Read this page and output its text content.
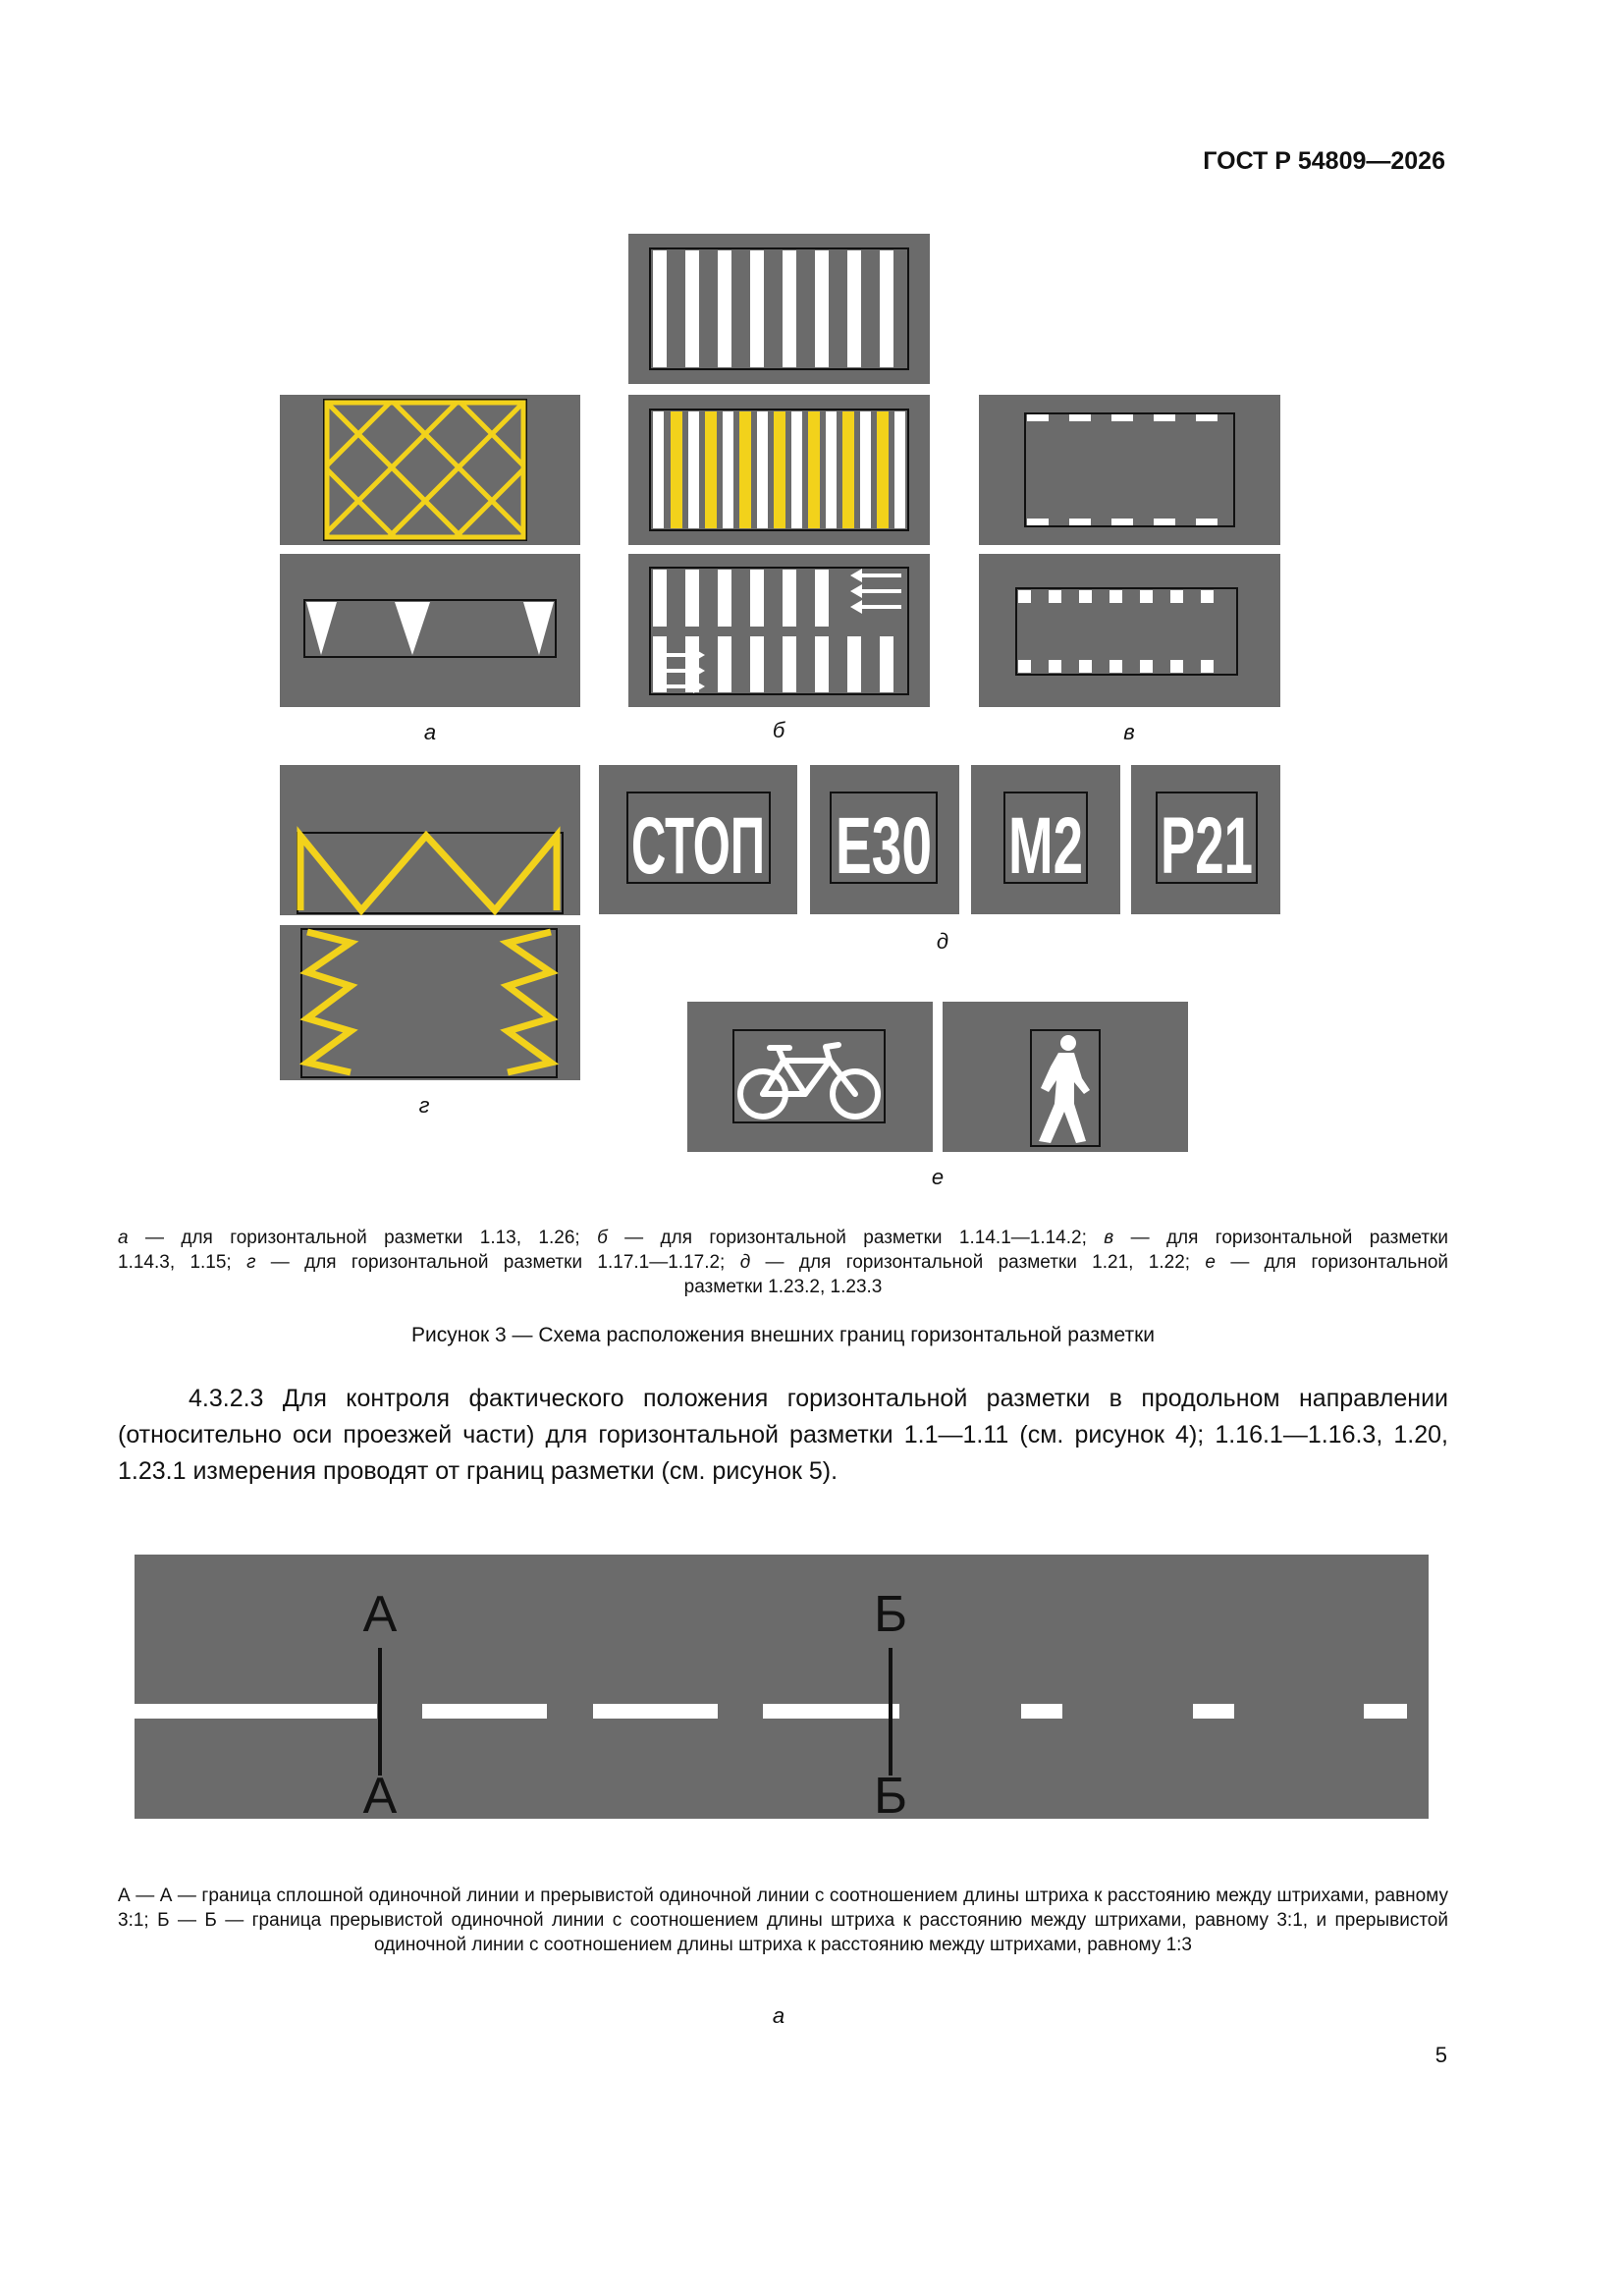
ГОСТ Р 54809—2026
а	б	в
г
СТОП Е30 М2 Р21
д
е
а — для горизонтальной разметки 1.13, 1.26; б — для горизонтальной разметки 1.14.1—1.14.2; в — для горизонтальной разметки
1.14.3, 1.15; г — для горизонтальной разметки 1.17.1—1.17.2; д — для горизонтальной разметки 1.21, 1.22; е — для горизонтальной
разметки 1.23.2, 1.23.3
Рисунок 3 — Схема расположения внешних границ горизонтальной разметки
4.3.2.3 Для контроля фактического положения горизонтальной разметки в продольном направлении (относительно оси проезжей части) для горизонтальной разметки 1.1—1.11 (см. рисунок 4); 1.16.1—1.16.3, 1.20, 1.23.1 измерения проводят от границ разметки (см. рисунок 5).
А
А
Б
Б
А — А — граница сплошной одиночной линии и прерывистой одиночной линии с соотношением длины штриха к расстоянию между штрихами, равному 3:1; Б — Б — граница прерывистой одиночной линии с соотношением длины штриха к расстоянию между штрихами, равному 3:1, и прерывистой одиночной линии с соотношением длины штриха к расстоянию между штрихами, равному 1:3
а
5
